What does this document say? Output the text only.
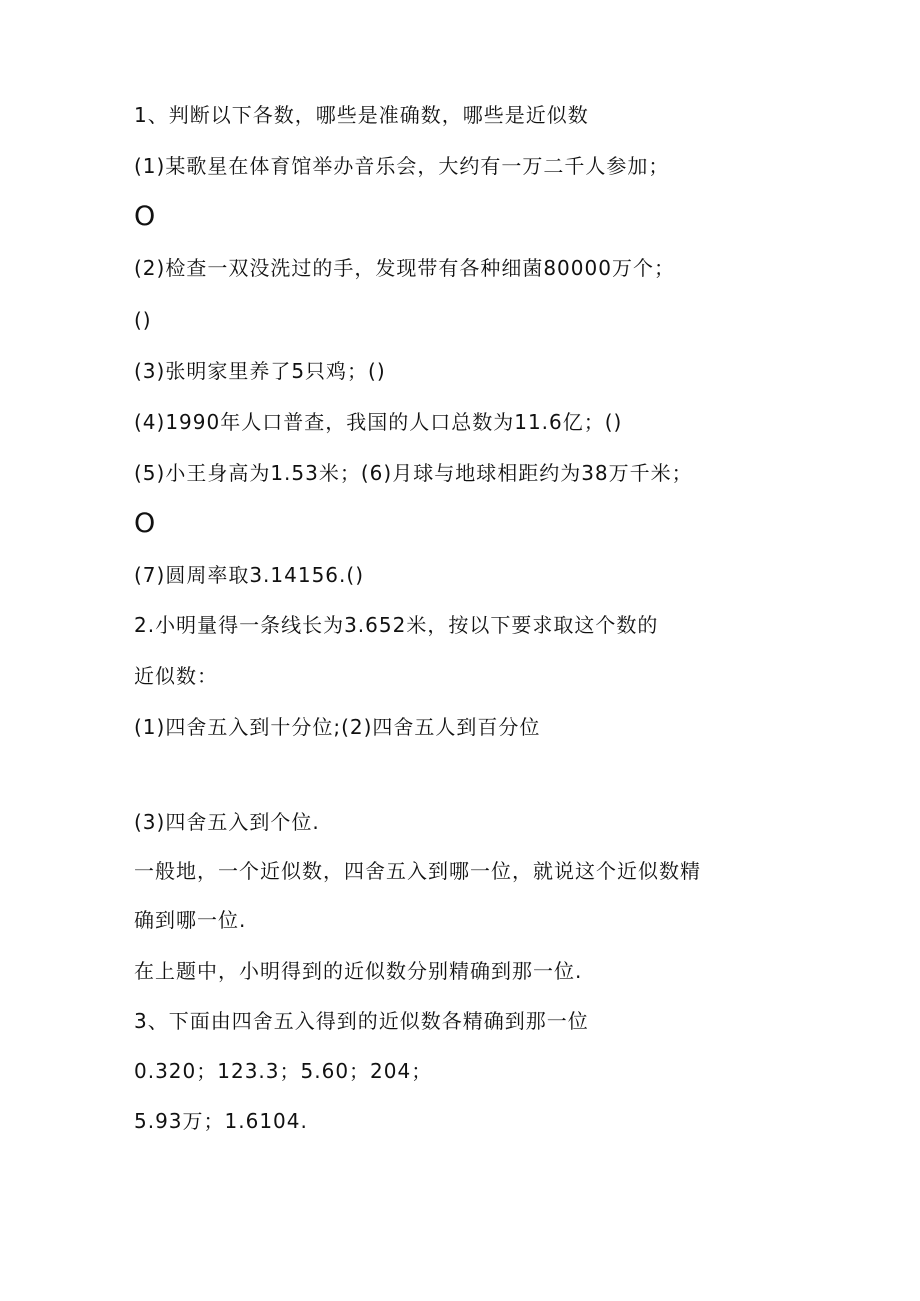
1、判断以下各数，哪些是准确数，哪些是近似数
(1)某歌星在体育馆举办音乐会，大约有一万二千人参加；
O
(2)检查一双没洗过的手，发现带有各种细菌80000万个；
()
(3)张明家里养了5只鸡；()
(4)1990年人口普查，我国的人口总数为11.6亿；()
(5)小王身高为1.53米；(6)月球与地球相距约为38万千米；
O
(7)圆周率取3.14156.()
2.小明量得一条线长为3.652米，按以下要求取这个数的
近似数：
(1)四舍五入到十分位;(2)四舍五人到百分位
(3)四舍五入到个位.
一般地，一个近似数，四舍五入到哪一位，就说这个近似数精
确到哪一位.
在上题中，小明得到的近似数分别精确到那一位.
3、下面由四舍五入得到的近似数各精确到那一位
0.320；123.3；5.60；204；
5.93万；1.6104.
